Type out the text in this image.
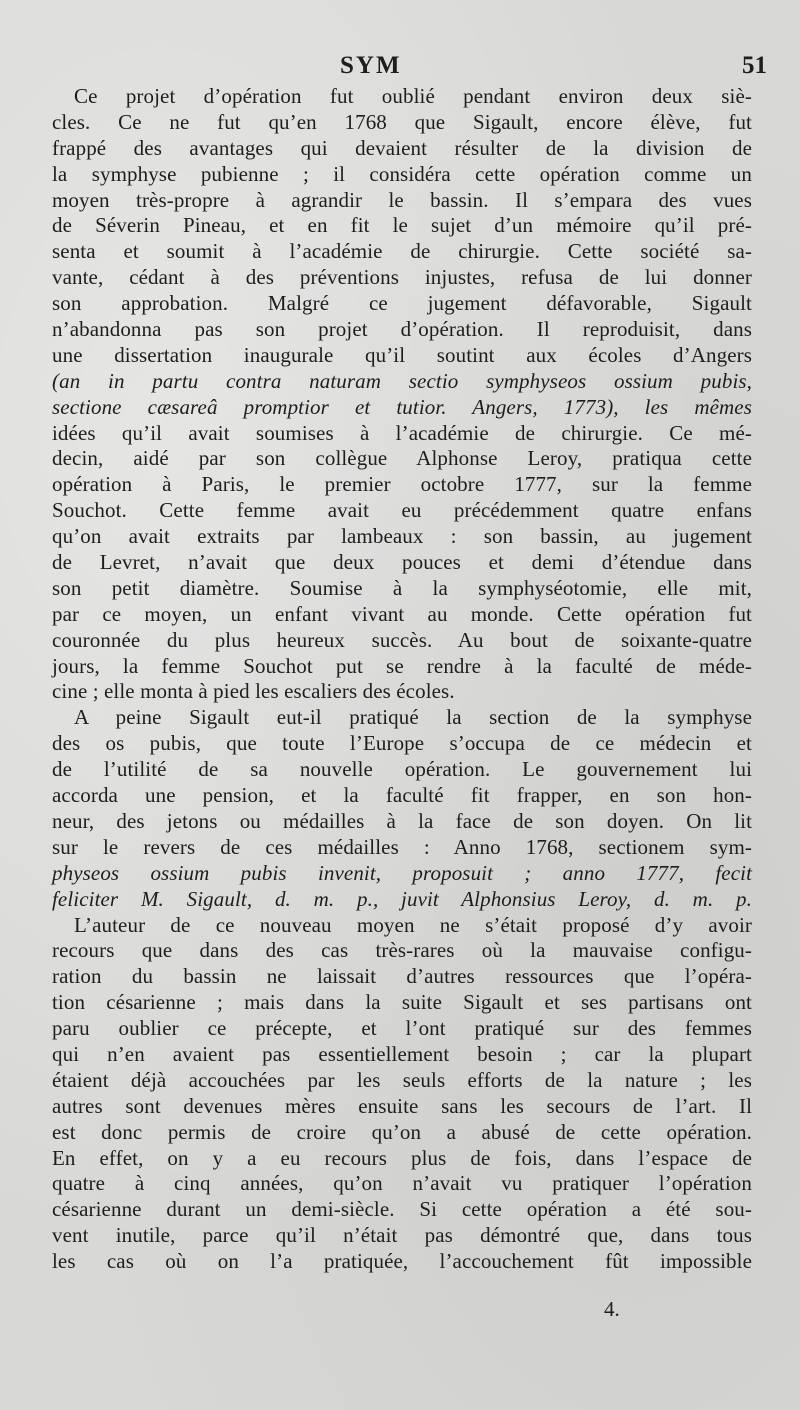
SYM	51
Ce projet d’opération fut oublié pendant environ deux siè-
cles. Ce ne fut qu’en 1768 que Sigault, encore élève, fut
frappé des avantages qui devaient résulter de la division de
la symphyse pubienne ; il considéra cette opération comme un
moyen très-propre à agrandir le bassin. Il s’empara des vues
de Séverin Pineau, et en fit le sujet d’un mémoire qu’il pré-
senta et soumit à l’académie de chirurgie. Cette société sa-
vante, cédant à des préventions injustes, refusa de lui donner
son approbation. Malgré ce jugement défavorable, Sigault
n’abandonna pas son projet d’opération. Il reproduisit, dans
une dissertation inaugurale qu’il soutint aux écoles d’Angers
(an in partu contra naturam sectio symphyseos ossium pubis,
sectione cæsareâ promptior et tutior. Angers, 1773), les mêmes
idées qu’il avait soumises à l’académie de chirurgie. Ce mé-
decin, aidé par son collègue Alphonse Leroy, pratiqua cette
opération à Paris, le premier octobre 1777, sur la femme
Souchot. Cette femme avait eu précédemment quatre enfans
qu’on avait extraits par lambeaux : son bassin, au jugement
de Levret, n’avait que deux pouces et demi d’étendue dans
son petit diamètre. Soumise à la symphyséotomie, elle mit,
par ce moyen, un enfant vivant au monde. Cette opération fut
couronnée du plus heureux succès. Au bout de soixante-quatre
jours, la femme Souchot put se rendre à la faculté de méde-
cine ; elle monta à pied les escaliers des écoles.
A peine Sigault eut-il pratiqué la section de la symphyse
des os pubis, que toute l’Europe s’occupa de ce médecin et
de l’utilité de sa nouvelle opération. Le gouvernement lui
accorda une pension, et la faculté fit frapper, en son hon-
neur, des jetons ou médailles à la face de son doyen. On lit
sur le revers de ces médailles : Anno 1768, sectionem sym-
physeos ossium pubis invenit, proposuit ; anno 1777, fecit
feliciter M. Sigault, d. m. p., juvit Alphonsius Leroy, d. m. p.
L’auteur de ce nouveau moyen ne s’était proposé d’y avoir
recours que dans des cas très-rares où la mauvaise configu-
ration du bassin ne laissait d’autres ressources que l’opéra-
tion césarienne ; mais dans la suite Sigault et ses partisans ont
paru oublier ce précepte, et l’ont pratiqué sur des femmes
qui n’en avaient pas essentiellement besoin ; car la plupart
étaient déjà accouchées par les seuls efforts de la nature ; les
autres sont devenues mères ensuite sans les secours de l’art. Il
est donc permis de croire qu’on a abusé de cette opération.
En effet, on y a eu recours plus de fois, dans l’espace de
quatre à cinq années, qu’on n’avait vu pratiquer l’opération
césarienne durant un demi-siècle. Si cette opération a été sou-
vent inutile, parce qu’il n’était pas démontré que, dans tous
les cas où on l’a pratiquée, l’accouchement fût impossible
4.
